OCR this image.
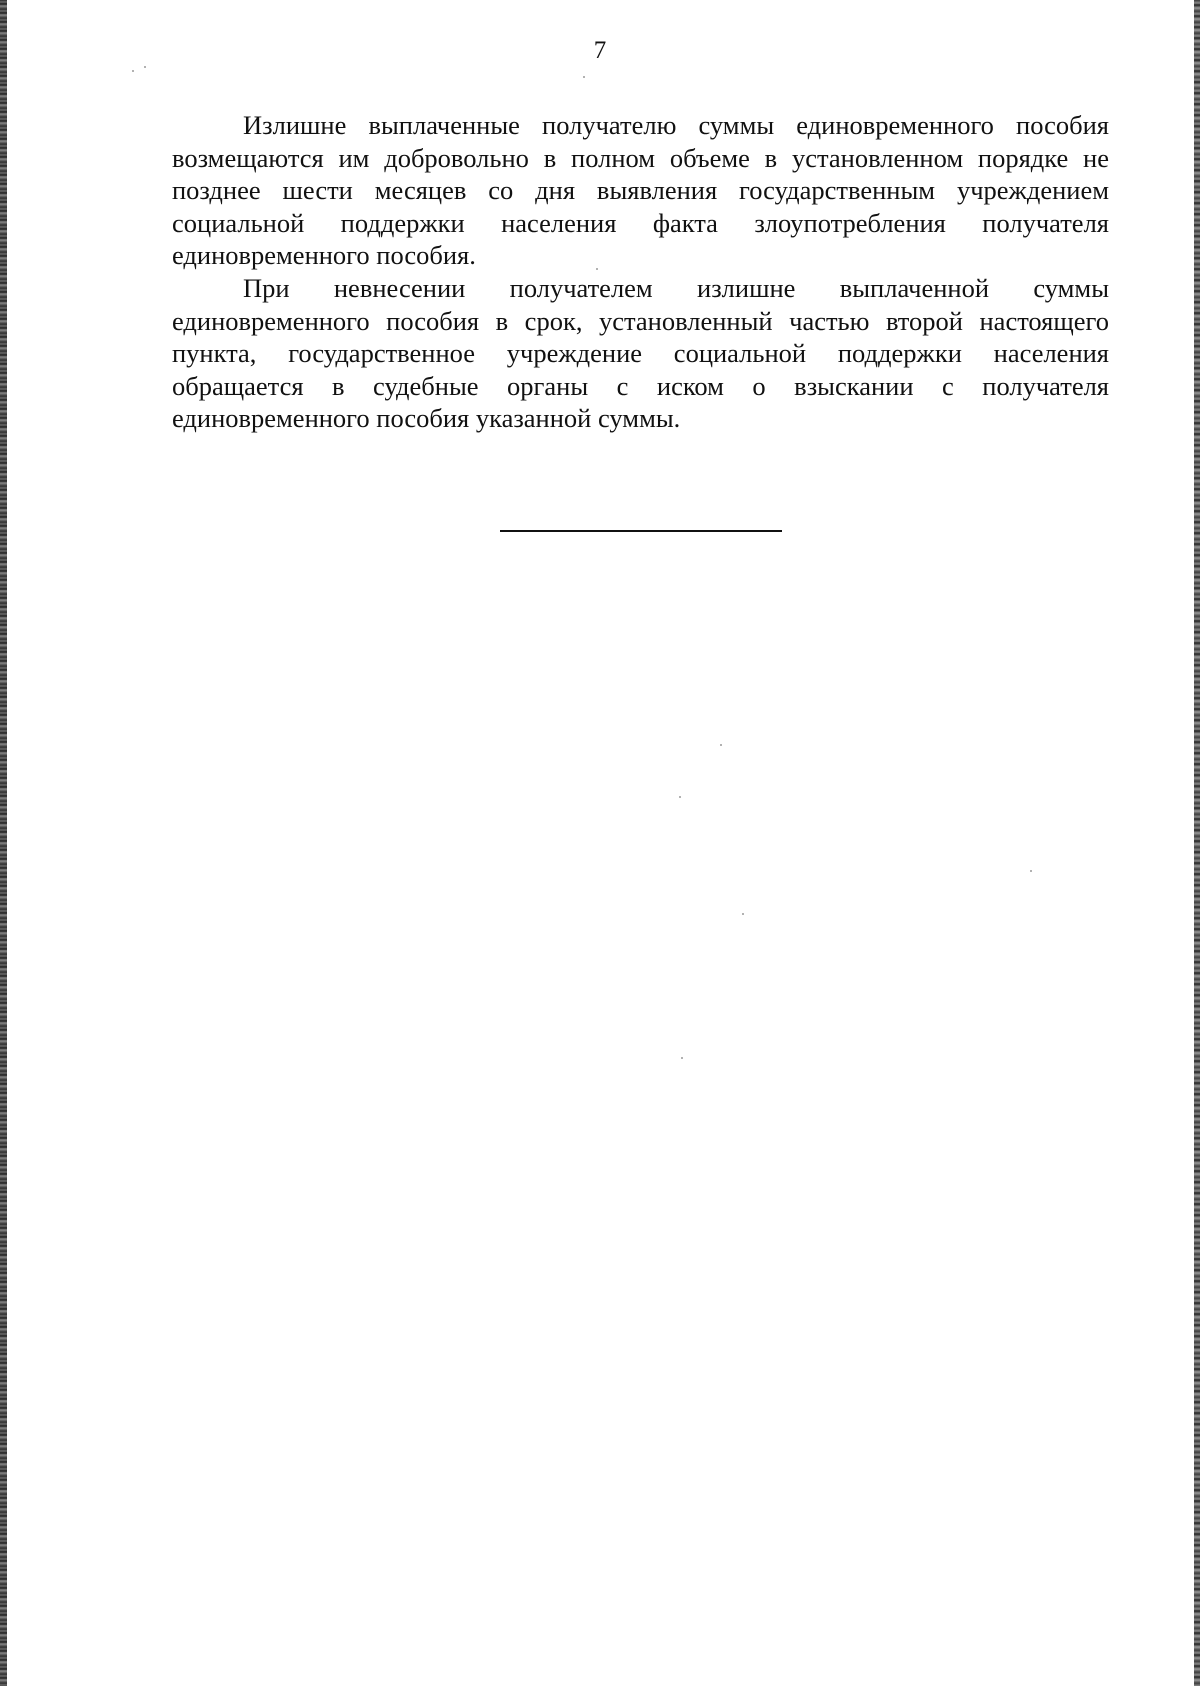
7

Излишне выплаченные получателю суммы единовременного пособия возмещаются им добровольно в полном объеме в установленном порядке не позднее шести месяцев со дня выявления государственным учреждением социальной поддержки населения факта злоупотребления получателя единовременного пособия.

При невнесении получателем излишне выплаченной суммы единовременного пособия в срок, установленный частью второй настоящего пункта, государственное учреждение социальной поддержки населения обращается в судебные органы с иском о взыскании с получателя единовременного пособия указанной суммы.
